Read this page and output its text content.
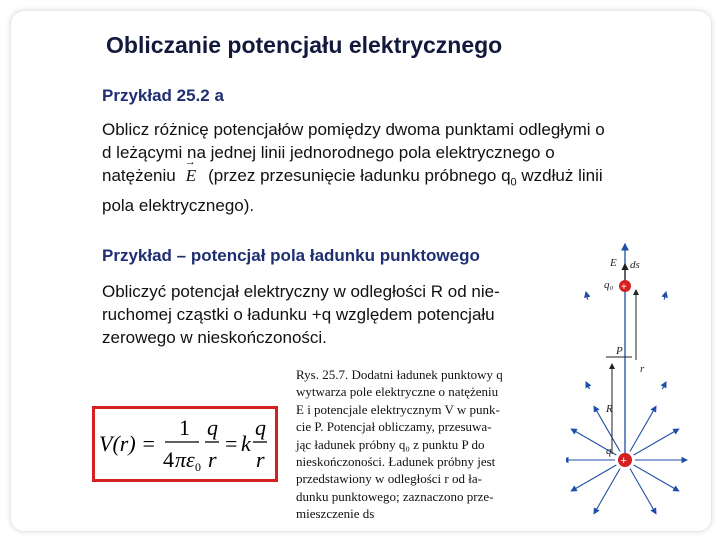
Obliczanie potencjału elektrycznego
Przykład 25.2 a
Oblicz różnicę potencjałów pomiędzy dwoma punktami odległymi o
d leżącymi na jednej linii jednorodnego pola elektrycznego o
natężeniu→ E (przez przesunięcie ładunku próbnego $q_0$ wzdłuż linii
pola elektrycznego).
Przykład – potencjał pola ładunku punktowego
Obliczyć potencjał elektryczny w odległości R od nie-
ruchomej cząstki o ładunku +q względem potencjału
zerowego w nieskończoności.
V(r) =
1
4 πε 0
q
r
= k
q
r
Rys. 25.7. Dodatni ładunek punktowy q
wytwarza pole elektryczne o natężeniu
E i potencjale elektrycznym V w punk-
cie P. Potencjał obliczamy, przesuwa-
jąc ładunek próbny q₀ z punktu P do
nieskończoności. Ładunek próbny jest
przedstawiony w odległości r od ła-
dunku punktowego; zaznaczono prze-
mieszczenie ds
+
+
E ds
q₀
P
r
R
q
